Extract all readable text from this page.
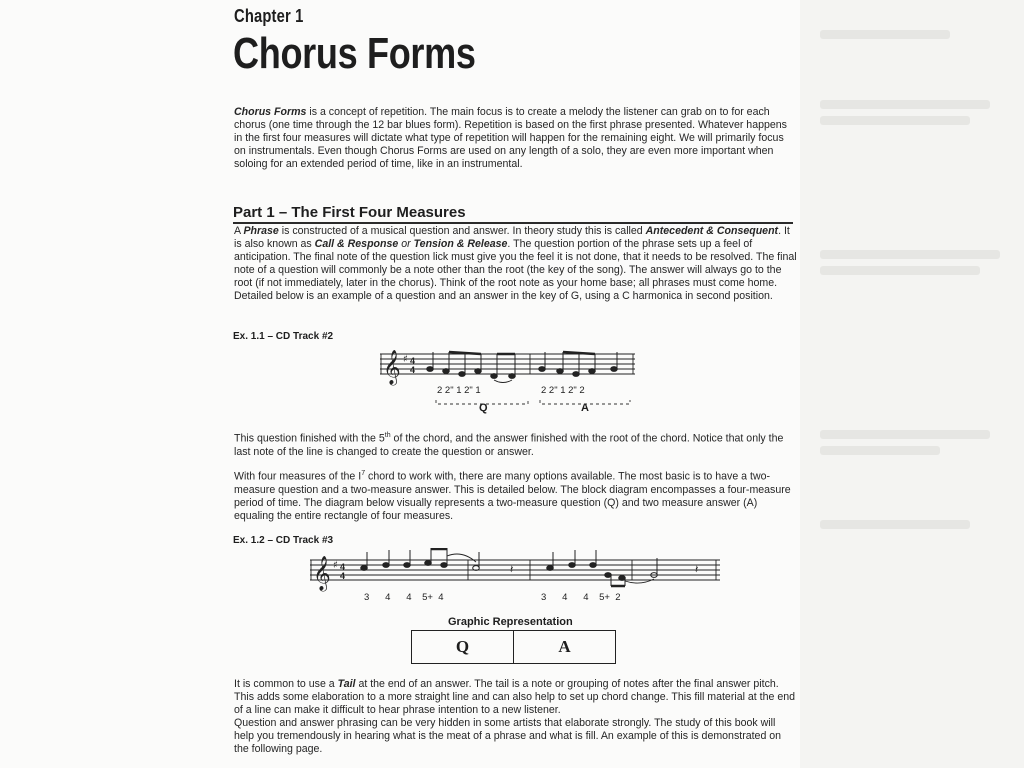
Chapter 1
Chorus Forms

Chorus Forms is a concept of repetition. The main focus is to create a melody the listener can grab on to for each chorus (one time through the 12 bar blues form). Repetition is based on the first phrase presented. Whatever happens in the first four measures will dictate what type of repetition will happen for the remaining eight. We will primarily focus on instrumentals. Even though Chorus Forms are used on any length of a solo, they are even more important when soloing for an extended period of time, like in an instrumental.

Part 1 – The First Four Measures

A Phrase is constructed of a musical question and answer. In theory study this is called Antecedent & Consequent. It is also known as Call & Response or Tension & Release. The question portion of the phrase sets up a feel of anticipation. The final note of the question lick must give you the feel it is not done, that it needs to be resolved. The final note of a question will commonly be a note other than the root (the key of the song). The answer will always go to the root (if not immediately, later in the chorus). Think of the root note as your home base; all phrases must come home. Detailed below is an example of a question and an answer in the key of G, using a C harmonica in second position.

Ex. 1.1 – CD Track #2
𝄞 ♯ 4
4
2 2" 1 2" 1	2 2" 1 2" 2
Q	A

This question finished with the 5th of the chord, and the answer finished with the root of the chord. Notice that only the last note of the line is changed to create the question or answer.

With four measures of the $I^7$ chord to work with, there are many options available. The most basic is to have a two-measure question and a two-measure answer. This is detailed below. The block diagram encompasses a four-measure period of time. The diagram below visually represents a two-measure question (Q) and two measure answer (A) equaling the entire rectangle of four measures.

Ex. 1.2 – CD Track #3
𝄞 ♯ 4
4	𝄽	𝄽
3      4      4    5+  4	3      4      4    5+  2
Graphic Representation
Q	A

It is common to use a Tail at the end of an answer. The tail is a note or grouping of notes after the final answer pitch. This adds some elaboration to a more straight line and can also help to set up chord change. This fill material at the end of a line can make it difficult to hear phrase intention to a new listener.

Question and answer phrasing can be very hidden in some artists that elaborate strongly. The study of this book will help you tremendously in hearing what is the meat of a phrase and what is fill. An example of this is demonstrated on the following page.
